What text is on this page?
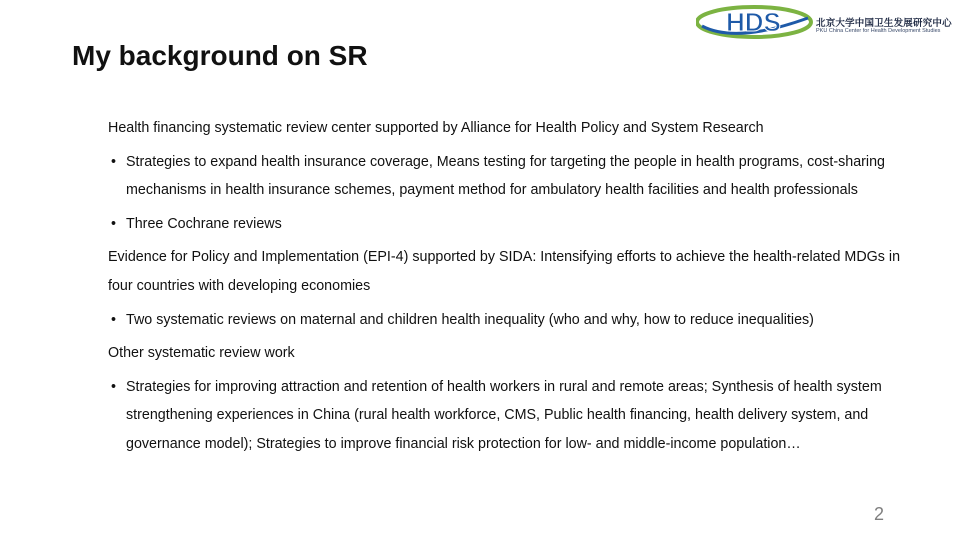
HDS	北京大学中国卫生发展研究中心
PKU China Center for Health Development Studies
My background on SR

Health financing systematic review center supported by Alliance for Health Policy and System Research

• Strategies to expand health insurance coverage, Means testing for targeting the people in health programs, cost-sharing mechanisms in health insurance schemes, payment method for ambulatory health facilities and health professionals
• Three Cochrane reviews

Evidence for Policy and Implementation (EPI-4) supported by SIDA: Intensifying efforts to achieve the health-related MDGs in four countries with developing economies

• Two systematic reviews on maternal and children health inequality (who and why, how to reduce inequalities)

Other systematic review work

• Strategies for improving attraction and retention of health workers in rural and remote areas; Synthesis of health system strengthening experiences in China (rural health workforce, CMS, Public health financing, health delivery system, and governance model); Strategies to improve financial risk protection for low- and middle-income population…
2
